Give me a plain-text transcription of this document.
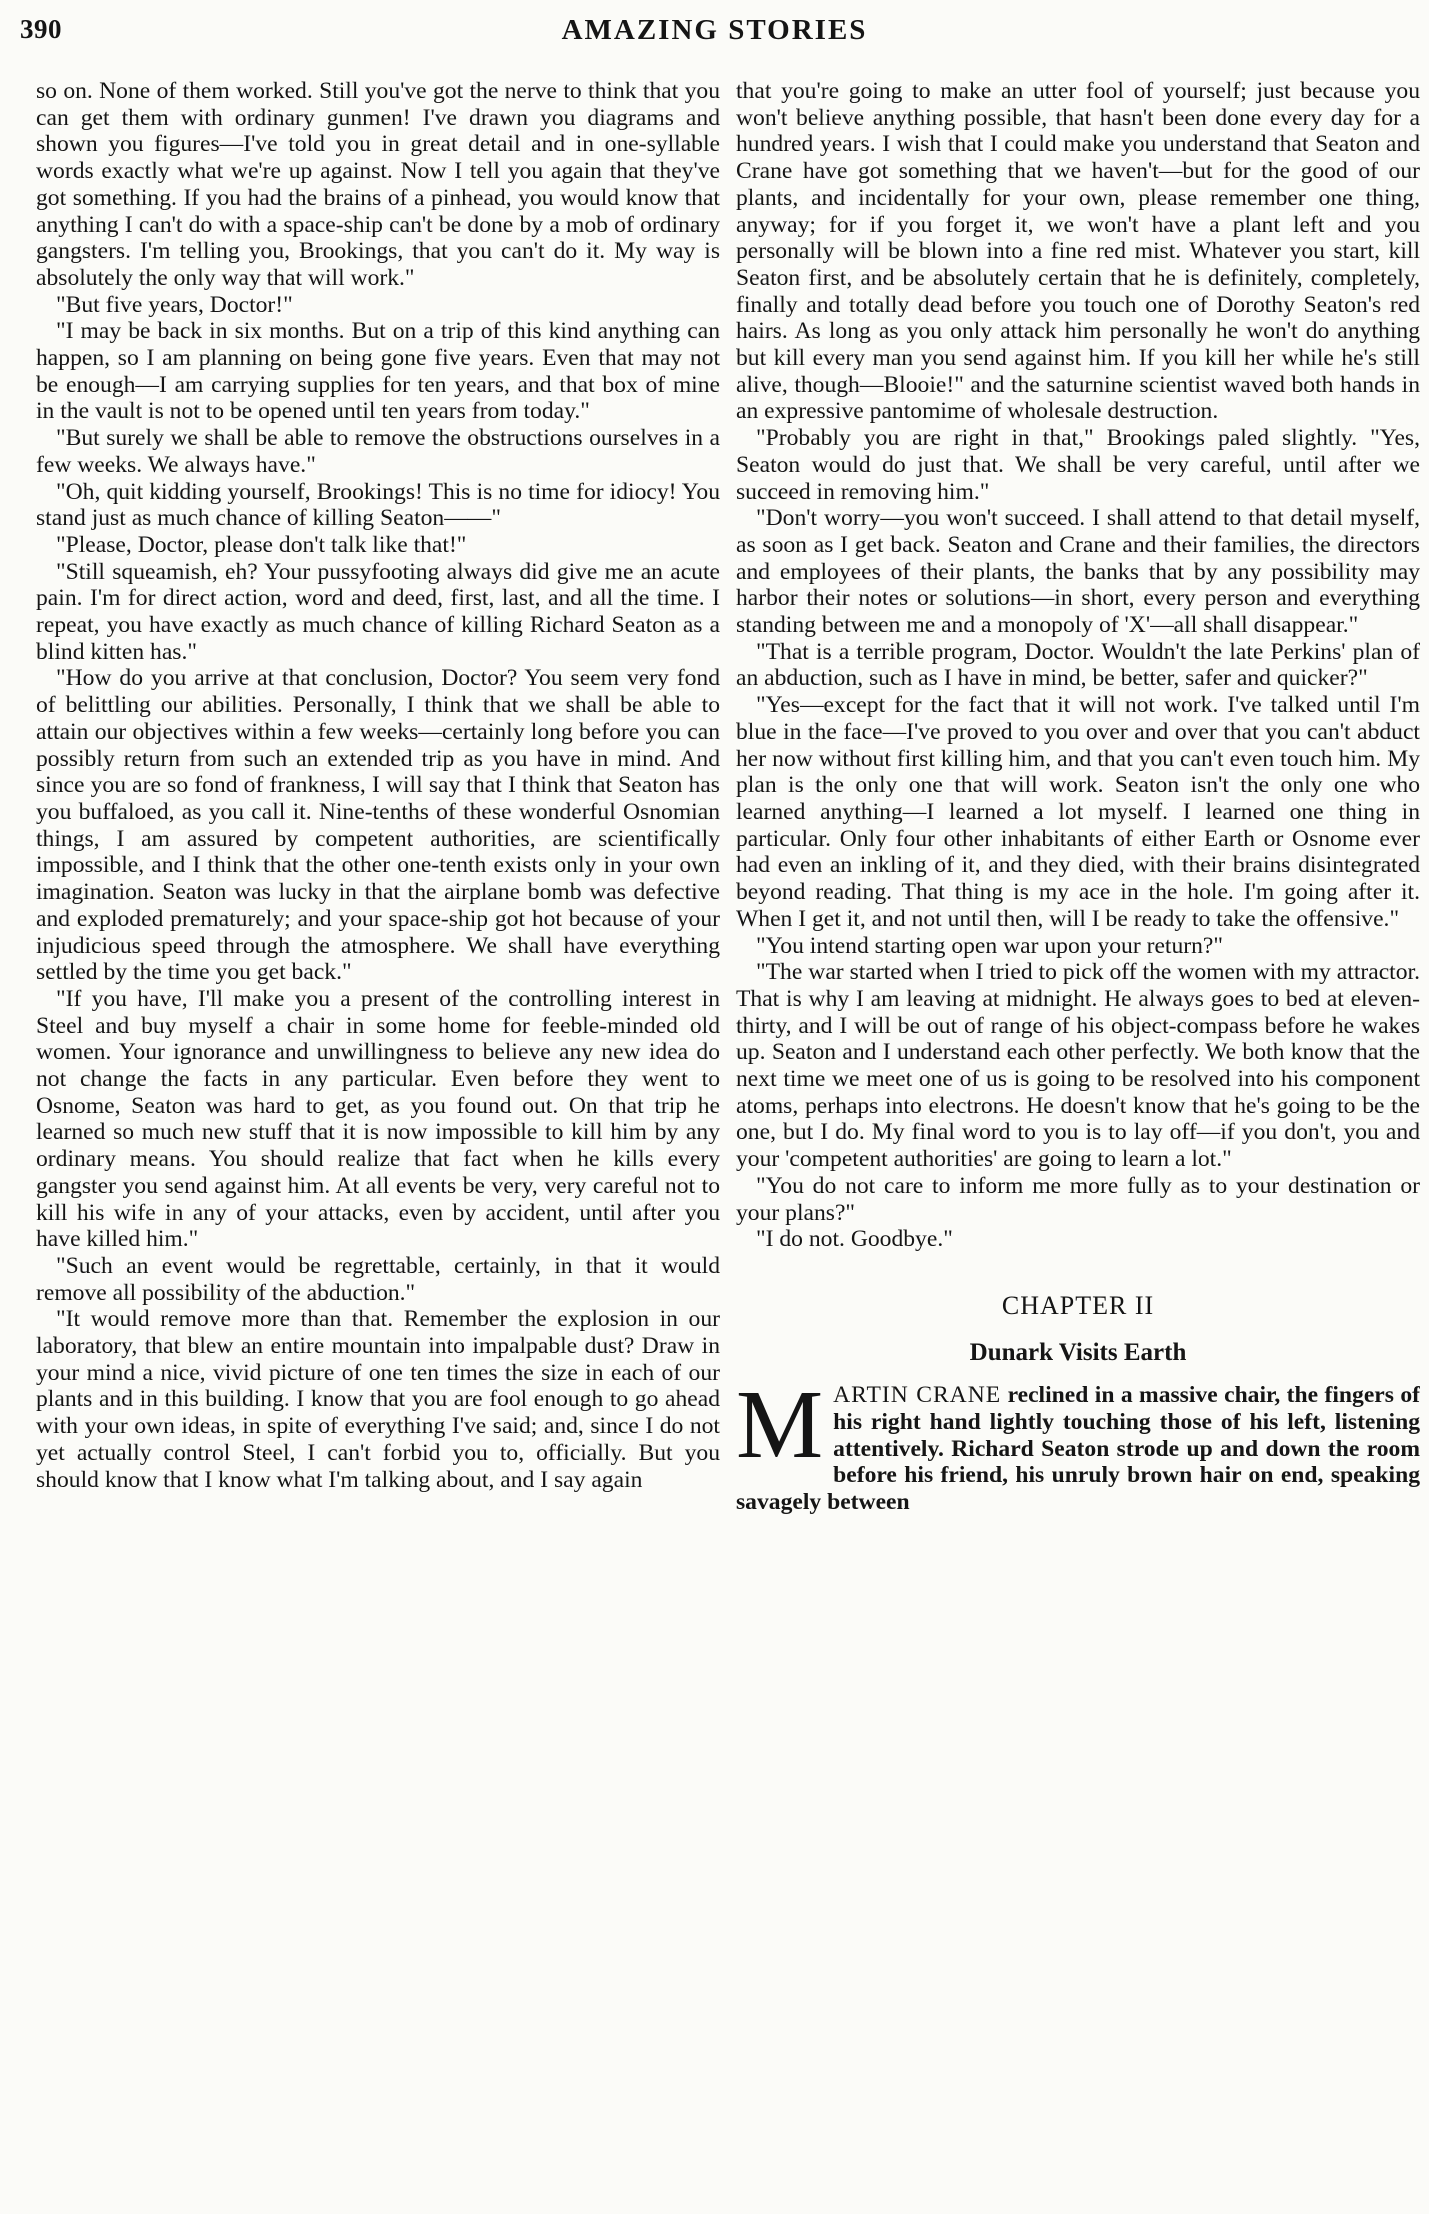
390	AMAZING STORIES

so on. None of them worked. Still you've got the nerve to think that you can get them with ordinary gunmen! I've drawn you diagrams and shown you figures—I've told you in great detail and in one-syllable words exactly what we're up against. Now I tell you again that they've got something. If you had the brains of a pinhead, you would know that anything I can't do with a space-ship can't be done by a mob of ordinary gangsters. I'm telling you, Brookings, that you can't do it. My way is absolutely the only way that will work."

"But five years, Doctor!"

"I may be back in six months. But on a trip of this kind anything can happen, so I am planning on being gone five years. Even that may not be enough—I am carrying supplies for ten years, and that box of mine in the vault is not to be opened until ten years from today."

"But surely we shall be able to remove the obstructions ourselves in a few weeks. We always have."

"Oh, quit kidding yourself, Brookings! This is no time for idiocy! You stand just as much chance of killing Seaton——"

"Please, Doctor, please don't talk like that!"

"Still squeamish, eh? Your pussyfooting always did give me an acute pain. I'm for direct action, word and deed, first, last, and all the time. I repeat, you have exactly as much chance of killing Richard Seaton as a blind kitten has."

"How do you arrive at that conclusion, Doctor? You seem very fond of belittling our abilities. Personally, I think that we shall be able to attain our objectives within a few weeks—certainly long before you can possibly return from such an extended trip as you have in mind. And since you are so fond of frankness, I will say that I think that Seaton has you buffaloed, as you call it. Nine-tenths of these wonderful Osnomian things, I am assured by competent authorities, are scientifically impossible, and I think that the other one-tenth exists only in your own imagination. Seaton was lucky in that the airplane bomb was defective and exploded prematurely; and your space-ship got hot because of your injudicious speed through the atmosphere. We shall have everything settled by the time you get back."

"If you have, I'll make you a present of the controlling interest in Steel and buy myself a chair in some home for feeble-minded old women. Your ignorance and unwillingness to believe any new idea do not change the facts in any particular. Even before they went to Osnome, Seaton was hard to get, as you found out. On that trip he learned so much new stuff that it is now impossible to kill him by any ordinary means. You should realize that fact when he kills every gangster you send against him. At all events be very, very careful not to kill his wife in any of your attacks, even by accident, until after you have killed him."

"Such an event would be regrettable, certainly, in that it would remove all possibility of the abduction."

"It would remove more than that. Remember the explosion in our laboratory, that blew an entire mountain into impalpable dust? Draw in your mind a nice, vivid picture of one ten times the size in each of our plants and in this building. I know that you are fool enough to go ahead with your own ideas, in spite of everything I've said; and, since I do not yet actually control Steel, I can't forbid you to, officially. But you should know that I know what I'm talking about, and I say again

that you're going to make an utter fool of yourself; just because you won't believe anything possible, that hasn't been done every day for a hundred years. I wish that I could make you understand that Seaton and Crane have got something that we haven't—but for the good of our plants, and incidentally for your own, please remember one thing, anyway; for if you forget it, we won't have a plant left and you personally will be blown into a fine red mist. Whatever you start, kill Seaton first, and be absolutely certain that he is definitely, completely, finally and totally dead before you touch one of Dorothy Seaton's red hairs. As long as you only attack him personally he won't do anything but kill every man you send against him. If you kill her while he's still alive, though—Blooie!" and the saturnine scientist waved both hands in an expressive pantomime of wholesale destruction.

"Probably you are right in that," Brookings paled slightly. "Yes, Seaton would do just that. We shall be very careful, until after we succeed in removing him."

"Don't worry—you won't succeed. I shall attend to that detail myself, as soon as I get back. Seaton and Crane and their families, the directors and employees of their plants, the banks that by any possibility may harbor their notes or solutions—in short, every person and everything standing between me and a monopoly of 'X'—all shall disappear."

"That is a terrible program, Doctor. Wouldn't the late Perkins' plan of an abduction, such as I have in mind, be better, safer and quicker?"

"Yes—except for the fact that it will not work. I've talked until I'm blue in the face—I've proved to you over and over that you can't abduct her now without first killing him, and that you can't even touch him. My plan is the only one that will work. Seaton isn't the only one who learned anything—I learned a lot myself. I learned one thing in particular. Only four other inhabitants of either Earth or Osnome ever had even an inkling of it, and they died, with their brains disintegrated beyond reading. That thing is my ace in the hole. I'm going after it. When I get it, and not until then, will I be ready to take the offensive."

"You intend starting open war upon your return?"

"The war started when I tried to pick off the women with my attractor. That is why I am leaving at midnight. He always goes to bed at eleven-thirty, and I will be out of range of his object-compass before he wakes up. Seaton and I understand each other perfectly. We both know that the next time we meet one of us is going to be resolved into his component atoms, perhaps into electrons. He doesn't know that he's going to be the one, but I do. My final word to you is to lay off—if you don't, you and your 'competent authorities' are going to learn a lot."

"You do not care to inform me more fully as to your destination or your plans?"

"I do not. Goodbye."

CHAPTER II

Dunark Visits Earth

MARTIN CRANE reclined in a massive chair, the fingers of his right hand lightly touching those of his left, listening attentively. Richard Seaton strode up and down the room before his friend, his unruly brown hair on end, speaking savagely between
